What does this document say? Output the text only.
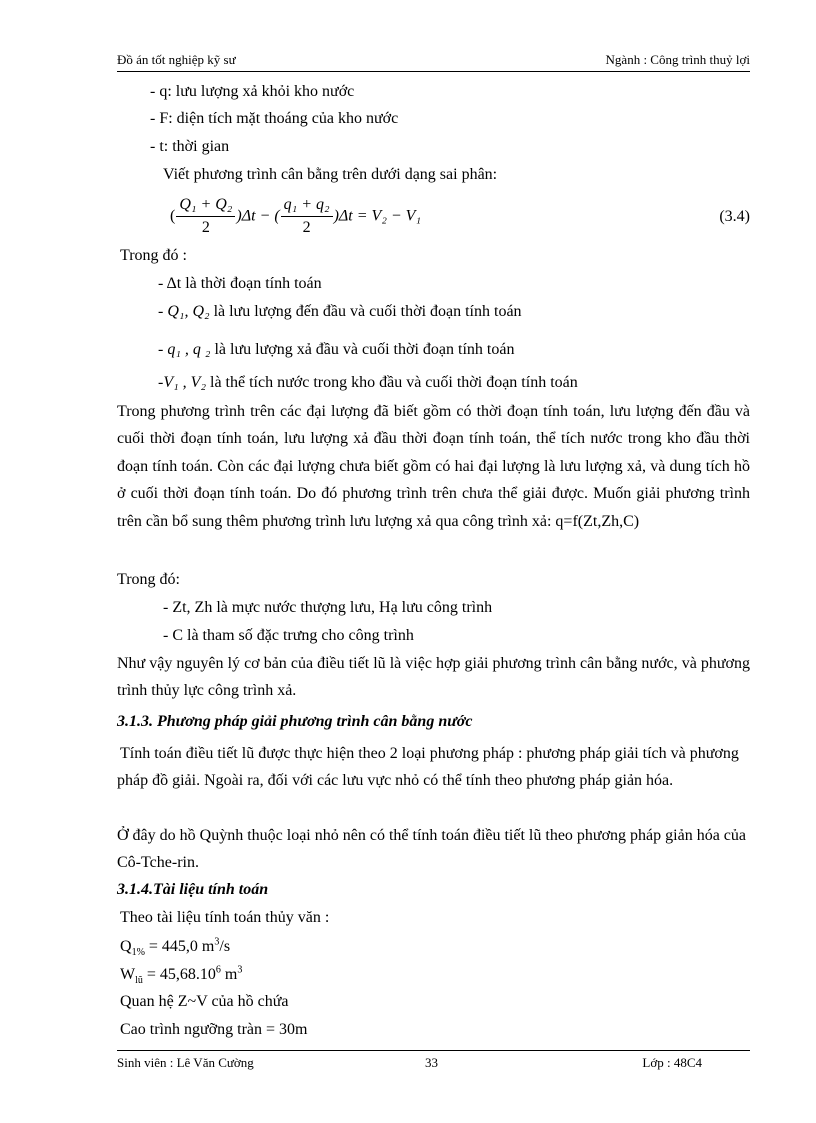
Đồ án tốt nghiệp kỹ sư	Ngành : Công trình thuỷ lợi
- q: lưu lượng xả khỏi kho nước
- F: diện tích mặt thoáng của kho nước
- t: thời gian
Viết phương trình cân bằng trên dưới dạng sai phân:
( $\frac{\text{Q₁ + Q₂}}{2} )\Delta t$ − ( $\frac{\text{q₁ + q₂}}{2} )\Delta t = V_2 - V_1$	(3.4)
Trong đó :
- Δt là thời đoạn tính toán
- Q₁, Q₂ là lưu lượng đến đầu và cuối thời đoạn tính toán
- q₁ , q ₂ là lưu lượng xả đầu và cuối thời đoạn tính toán
-V₁ , V₂ là thể tích nước trong kho đầu và cuối thời đoạn tính toán
Trong phương trình trên các đại lượng đã biết gồm có thời đoạn tính toán, lưu lượng đến đầu và cuối thời đoạn tính toán, lưu lượng xả đầu thời đoạn tính toán, thể tích nước trong kho đầu thời đoạn tính toán. Còn các đại lượng chưa biết gồm có hai đại lượng là lưu lượng xả, và dung tích hồ ở cuối thời đoạn tính toán. Do đó phương trình trên chưa thể giải được. Muốn giải phương trình trên cần bổ sung thêm phương trình lưu lượng xả qua công trình xả: q=f(Zt,Zh,C)
Trong đó:
- Zt, Zh là mực nước thượng lưu, Hạ lưu công trình
- C là tham số đặc trưng cho công trình
Như vậy nguyên lý cơ bản của điều tiết lũ là việc hợp giải phương trình cân bằng nước, và phương trình thủy lực công trình xả.
3.1.3. Phương pháp giải phương trình cân bằng nước
Tính toán điều tiết lũ được thực hiện theo 2 loại phương pháp : phương pháp giải tích và phương pháp đồ giải. Ngoài ra, đối với các lưu vực nhỏ có thể tính theo phương pháp giản hóa.
Ở đây do hồ Quỳnh thuộc loại nhỏ nên có thể tính toán điều tiết lũ theo phương pháp giản hóa của Cô-Tche-rin.
3.1.4.Tài liệu tính toán
Theo tài liệu tính toán thủy văn :
$Q_{1\%} = 445,0$ $m^3/s$
$W_{lũ} = 45,68.10^6$ $m^3$
Quan hệ Z~V của hồ chứa
Cao trình ngưỡng tràn = 30m
Sinh viên : Lê Văn Cường	33	Lớp : 48C4
